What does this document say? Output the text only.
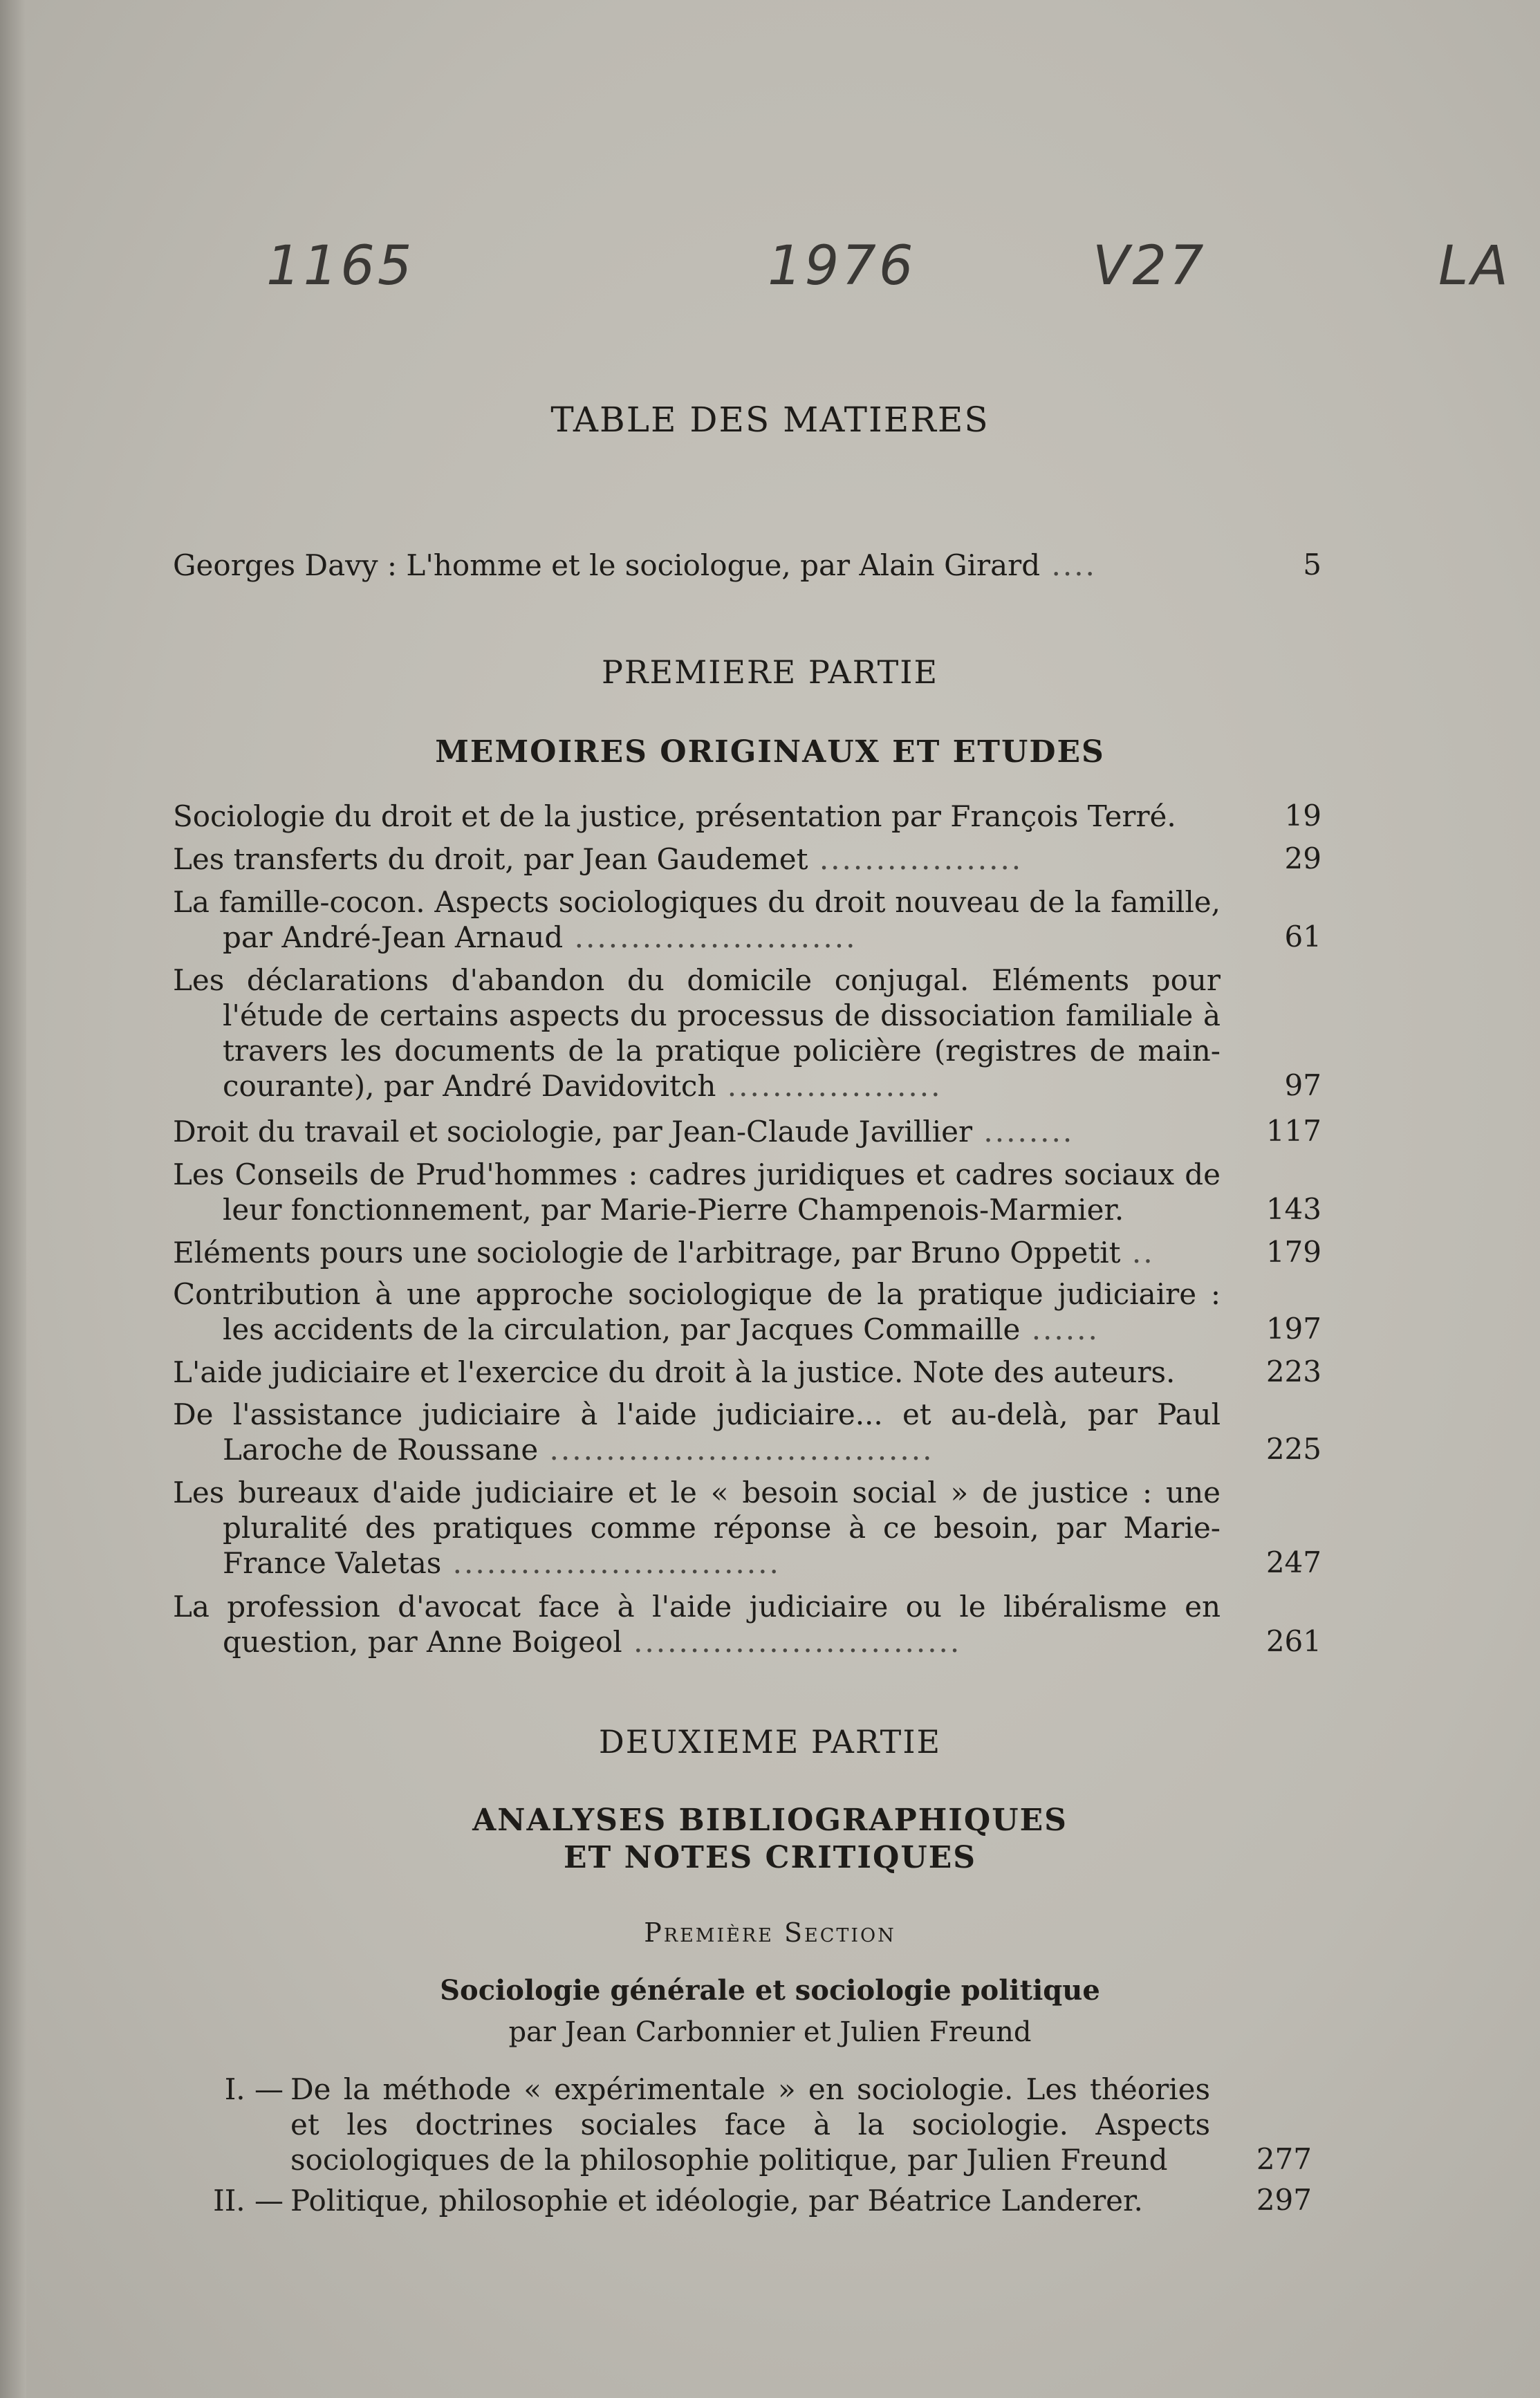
1165	1976	V27	LA
TABLE DES MATIERES
Georges Davy : L'homme et le sociologue, par Alain Girard ....	5
PREMIERE PARTIE
MEMOIRES ORIGINAUX ET ETUDES
Sociologie du droit et de la justice, présentation par François Terré.	19
Les transferts du droit, par Jean Gaudemet ..................	29
La famille-cocon. Aspects sociologiques du droit nouveau de la famille, par André-Jean Arnaud .........................	61
Les déclarations d'abandon du domicile conjugal. Eléments pour l'étude de certains aspects du processus de dissociation familiale à travers les documents de la pratique policière (registres de main-courante), par André Davidovitch ...................	97
Droit du travail et sociologie, par Jean-Claude Javillier ........	117
Les Conseils de Prud'hommes : cadres juridiques et cadres sociaux de leur fonctionnement, par Marie-Pierre Champenois-Marmier.	143
Eléments pours une sociologie de l'arbitrage, par Bruno Oppetit ..	179
Contribution à une approche sociologique de la pratique judiciaire : les accidents de la circulation, par Jacques Commaille ......	197
L'aide judiciaire et l'exercice du droit à la justice. Note des auteurs.	223
De l'assistance judiciaire à l'aide judiciaire... et au-delà, par Paul Laroche de Roussane ..................................	225
Les bureaux d'aide judiciaire et le « besoin social » de justice : une pluralité des pratiques comme réponse à ce besoin, par Marie-France Valetas .............................	247
La profession d'avocat face à l'aide judiciaire ou le libéralisme en question, par Anne Boigeol .............................	261
DEUXIEME PARTIE
ANALYSES BIBLIOGRAPHIQUES
ET NOTES CRITIQUES
Première Section
Sociologie générale et sociologie politique
par Jean Carbonnier et Julien Freund
I. — De la méthode « expérimentale » en sociologie. Les théories et les doctrines sociales face à la sociologie. Aspects sociologiques de la philosophie politique, par Julien Freund	277
II. — Politique, philosophie et idéologie, par Béatrice Landerer.	297
